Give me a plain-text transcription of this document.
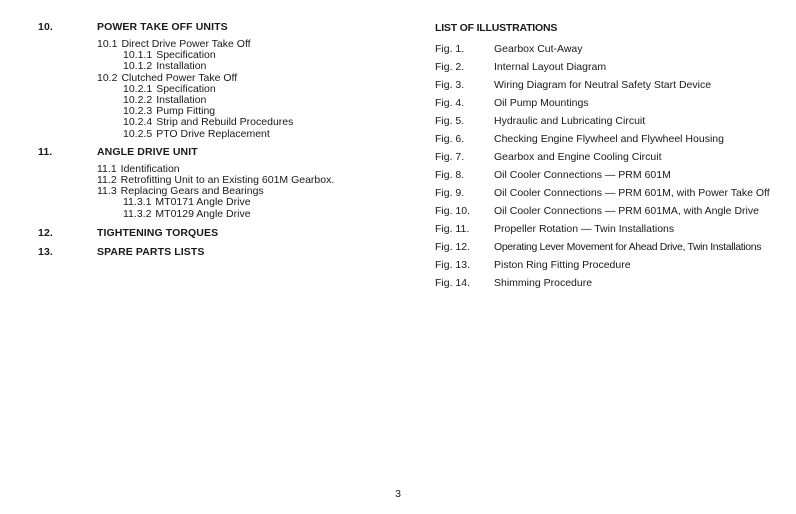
10.	POWER TAKE OFF UNITS
10.1 Direct Drive Power Take Off
10.1.1 Specification
10.1.2 Installation
10.2 Clutched Power Take Off
10.2.1 Specification
10.2.2 Installation
10.2.3 Pump Fitting
10.2.4 Strip and Rebuild Procedures
10.2.5 PTO Drive Replacement
11.	ANGLE DRIVE UNIT
11.1 Identification
11.2 Retrofitting Unit to an Existing 601M Gearbox.
11.3 Replacing Gears and Bearings
11.3.1 MT0171 Angle Drive
11.3.2 MT0129 Angle Drive
12.	TIGHTENING TORQUES
13.	SPARE PARTS LISTS
LIST OF ILLUSTRATIONS
Fig. 1.	Gearbox Cut-Away
Fig. 2.	Internal Layout Diagram
Fig. 3.	Wiring Diagram for Neutral Safety Start Device
Fig. 4.	Oil Pump Mountings
Fig. 5.	Hydraulic and Lubricating Circuit
Fig. 6.	Checking Engine Flywheel and Flywheel Housing
Fig. 7.	Gearbox and Engine Cooling Circuit
Fig. 8.	Oil Cooler Connections — PRM 601M
Fig. 9.	Oil Cooler Connections — PRM 601M, with Power Take Off
Fig. 10.	Oil Cooler Connections — PRM 601MA, with Angle Drive
Fig. 11.	Propeller Rotation — Twin Installations
Fig. 12.	Operating Lever Movement for Ahead Drive, Twin Installations
Fig. 13.	Piston Ring Fitting Procedure
Fig. 14.	Shimming Procedure
3
